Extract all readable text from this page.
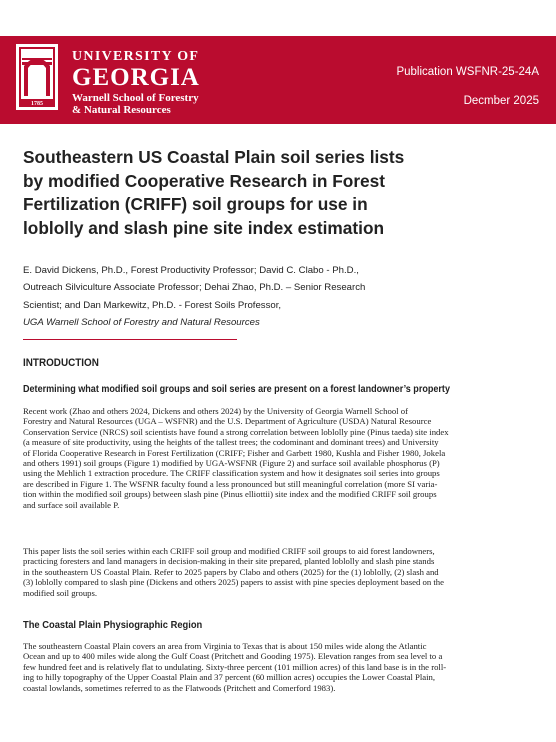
1785
UNIVERSITY OF
GEORGIA
Warnell School of Forestry
& Natural Resources
Publication WSFNR-25-24A
Decmber 2025
Southeastern US Coastal Plain soil series lists
by modified Cooperative Research in Forest
Fertilization (CRIFF) soil groups for use in
loblolly and slash pine site index estimation
E. David Dickens, Ph.D., Forest Productivity Professor; David C. Clabo - Ph.D.,
Outreach Silviculture Associate Professor; Dehai Zhao, Ph.D. – Senior Research
Scientist; and Dan Markewitz, Ph.D. - Forest Soils Professor,
UGA Warnell School of Forestry and Natural Resources
INTRODUCTION
Determining what modified soil groups and soil series are present on a forest landowner’s property
Recent work (Zhao and others 2024, Dickens and others 2024) by the University of Georgia Warnell School of
Forestry and Natural Resources (UGA – WSFNR) and the U.S. Department of Agriculture (USDA) Natural Resource
Conservation Service (NRCS) soil scientists have found a strong correlation between loblolly pine (Pinus taeda) site index
(a measure of site productivity, using the heights of the tallest trees; the codominant and dominant trees) and University
of Florida Cooperative Research in Forest Fertilization (CRIFF; Fisher and Garbett 1980, Kushla and Fisher 1980, Jokela
and others 1991) soil groups (Figure 1) modified by UGA-WSFNR (Figure 2) and surface soil available phosphorus (P)
using the Mehlich 1 extraction procedure. The CRIFF classification system and how it designates soil series into groups
are described in Figure 1. The WSFNR faculty found a less pronounced but still meaningful correlation (more SI varia-
tion within the modified soil groups) between slash pine (Pinus elliottii) site index and the modified CRIFF soil groups
and surface soil available P.
This paper lists the soil series within each CRIFF soil group and modified CRIFF soil groups to aid forest landowners,
practicing foresters and land managers in decision-making in their site prepared, planted loblolly and slash pine stands
in the southeastern US Coastal Plain. Refer to 2025 papers by Clabo and others (2025) for the (1) loblolly, (2) slash and
(3) loblolly compared to slash pine (Dickens and others 2025) papers to assist with pine species deployment based on the
modified soil groups.
The Coastal Plain Physiographic Region
The southeastern Coastal Plain covers an area from Virginia to Texas that is about 150 miles wide along the Atlantic
Ocean and up to 400 miles wide along the Gulf Coast (Pritchett and Gooding 1975). Elevation ranges from sea level to a
few hundred feet and is relatively flat to undulating. Sixty-three percent (101 million acres) of this land base is in the roll-
ing to hilly topography of the Upper Coastal Plain and 37 percent (60 million acres) occupies the Lower Coastal Plain,
coastal lowlands, sometimes referred to as the Flatwoods (Pritchett and Comerford 1983).
